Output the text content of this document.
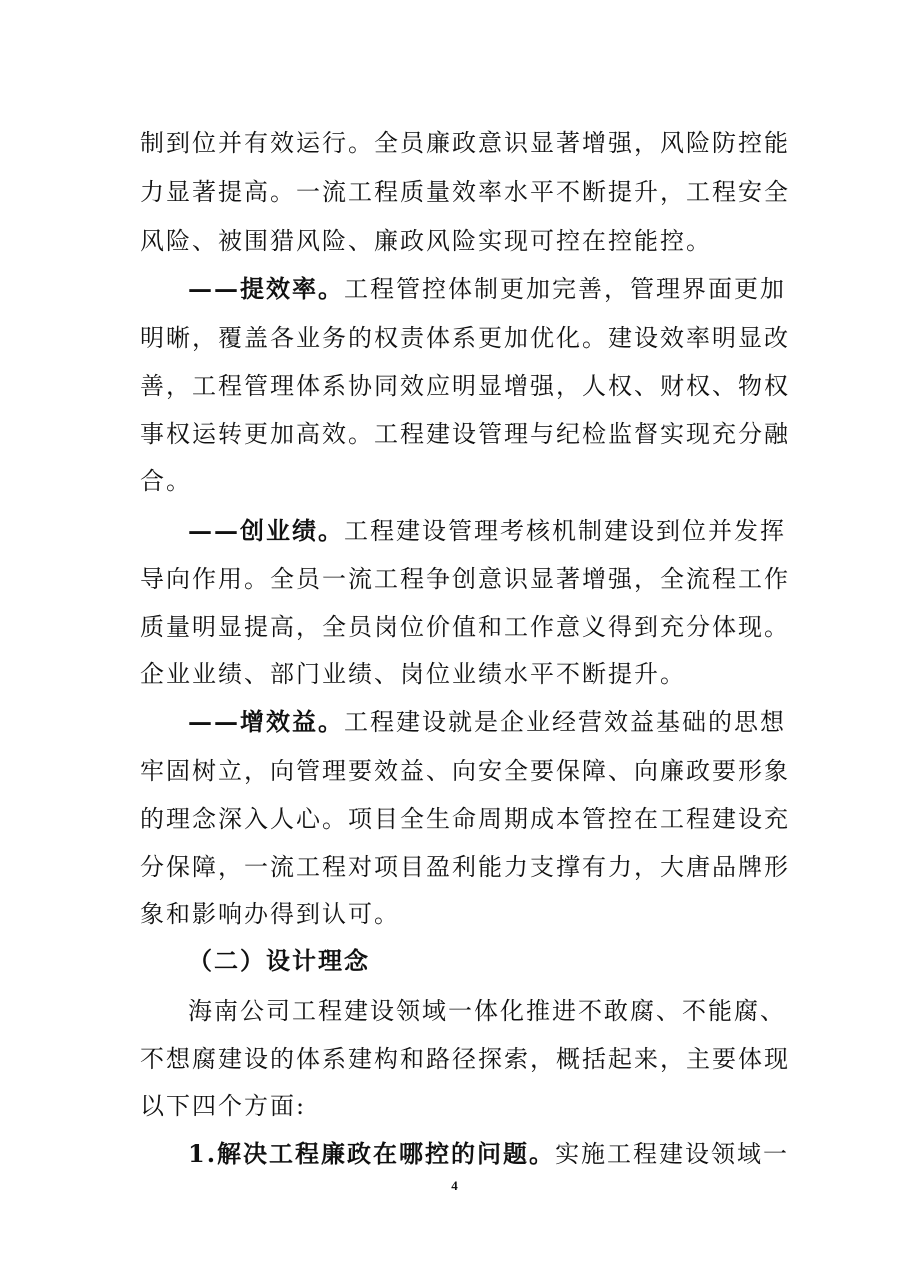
制到位并有效运行。全员廉政意识显著增强，风险防控能
力显著提高。一流工程质量效率水平不断提升，工程安全
风险、被围猎风险、廉政风险实现可控在控能控。
——提效率。工程管控体制更加完善，管理界面更加
明晰，覆盖各业务的权责体系更加优化。建设效率明显改
善，工程管理体系协同效应明显增强，人权、财权、物权
事权运转更加高效。工程建设管理与纪检监督实现充分融
合。
——创业绩。工程建设管理考核机制建设到位并发挥
导向作用。全员一流工程争创意识显著增强，全流程工作
质量明显提高，全员岗位价值和工作意义得到充分体现。
企业业绩、部门业绩、岗位业绩水平不断提升。
——增效益。工程建设就是企业经营效益基础的思想
牢固树立，向管理要效益、向安全要保障、向廉政要形象
的理念深入人心。项目全生命周期成本管控在工程建设充
分保障，一流工程对项目盈利能力支撑有力，大唐品牌形
象和影响办得到认可。
（二）设计理念
海南公司工程建设领域一体化推进不敢腐、不能腐、
不想腐建设的体系建构和路径探索，概括起来，主要体现
以下四个方面:
1.解决工程廉政在哪控的问题。实施工程建设领域一
4
